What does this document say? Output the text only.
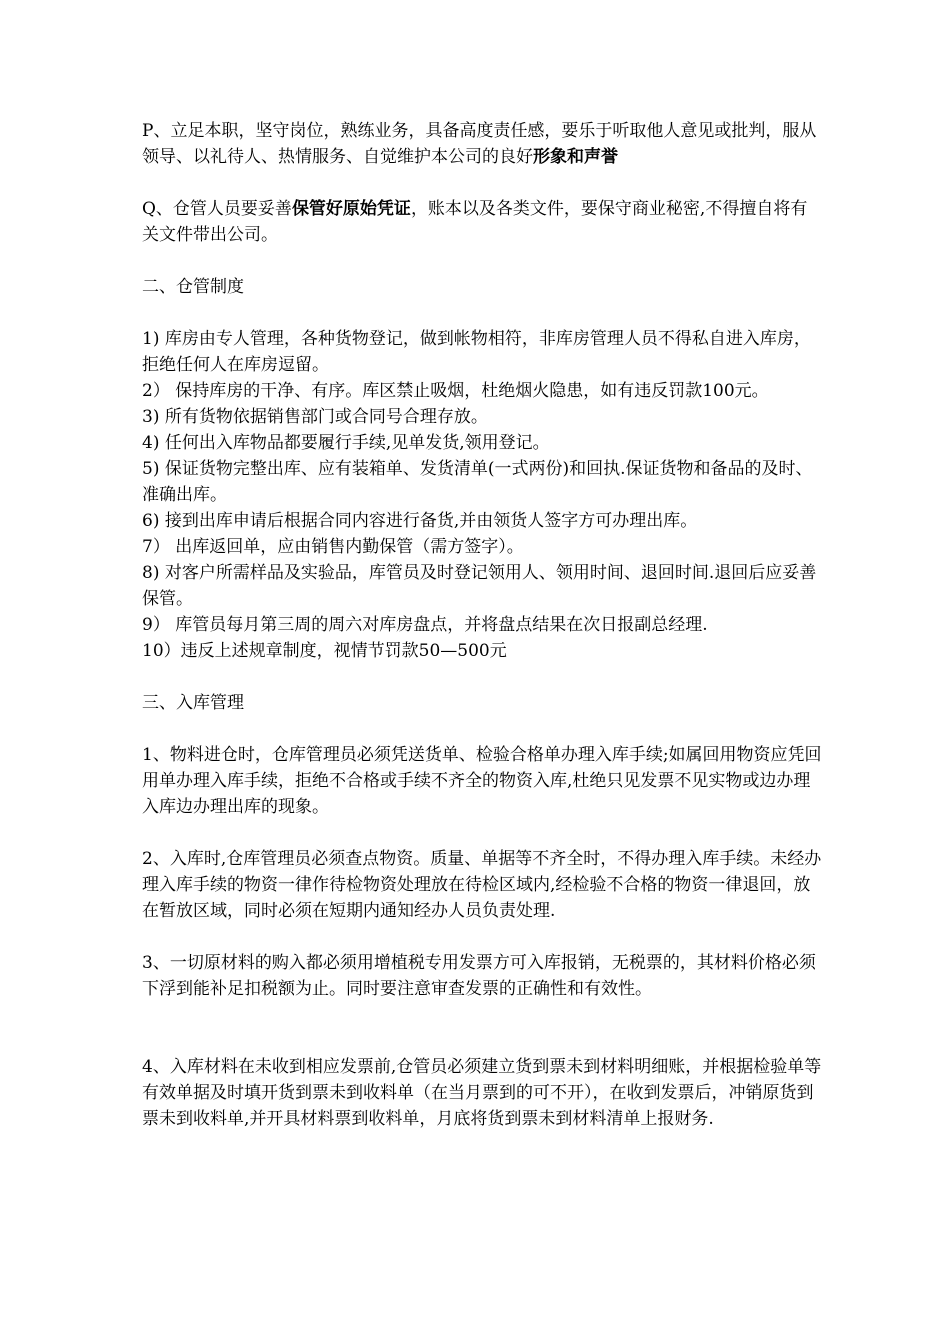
P、立足本职，坚守岗位，熟练业务，具备高度责任感，要乐于听取他人意见或批判，服从领导、以礼待人、热情服务、自觉维护本公司的良好形象和声誉

Q、仓管人员要妥善保管好原始凭证，账本以及各类文件，要保守商业秘密,不得擅自将有关文件带出公司。

二、仓管制度

1) 库房由专人管理，各种货物登记，做到帐物相符，非库房管理人员不得私自进入库房，拒绝任何人在库房逗留。

2） 保持库房的干净、有序。库区禁止吸烟，杜绝烟火隐患，如有违反罚款100元。

3) 所有货物依据销售部门或合同号合理存放。

4) 任何出入库物品都要履行手续,见单发货,领用登记。

5) 保证货物完整出库、应有装箱单、发货清单(一式两份)和回执.保证货物和备品的及时、准确出库。

6) 接到出库申请后根据合同内容进行备货,并由领货人签字方可办理出库。

7） 出库返回单，应由销售内勤保管（需方签字）。

8) 对客户所需样品及实验品，库管员及时登记领用人、领用时间、退回时间.退回后应妥善保管。

9） 库管员每月第三周的周六对库房盘点，并将盘点结果在次日报副总经理.

10）违反上述规章制度，视情节罚款50—500元

三、入库管理

1、物料进仓时，仓库管理员必须凭送货单、检验合格单办理入库手续;如属回用物资应凭回用单办理入库手续，拒绝不合格或手续不齐全的物资入库,杜绝只见发票不见实物或边办理入库边办理出库的现象。

2、入库时,仓库管理员必须查点物资。质量、单据等不齐全时，不得办理入库手续。未经办理入库手续的物资一律作待检物资处理放在待检区域内,经检验不合格的物资一律退回，放在暂放区域，同时必须在短期内通知经办人员负责处理.

3、一切原材料的购入都必须用增植税专用发票方可入库报销，无税票的，其材料价格必须下浮到能补足扣税额为止。同时要注意审查发票的正确性和有效性。

4、入库材料在未收到相应发票前,仓管员必须建立货到票未到材料明细账，并根据检验单等有效单据及时填开货到票未到收料单（在当月票到的可不开），在收到发票后，冲销原货到票未到收料单,并开具材料票到收料单，月底将货到票未到材料清单上报财务.
